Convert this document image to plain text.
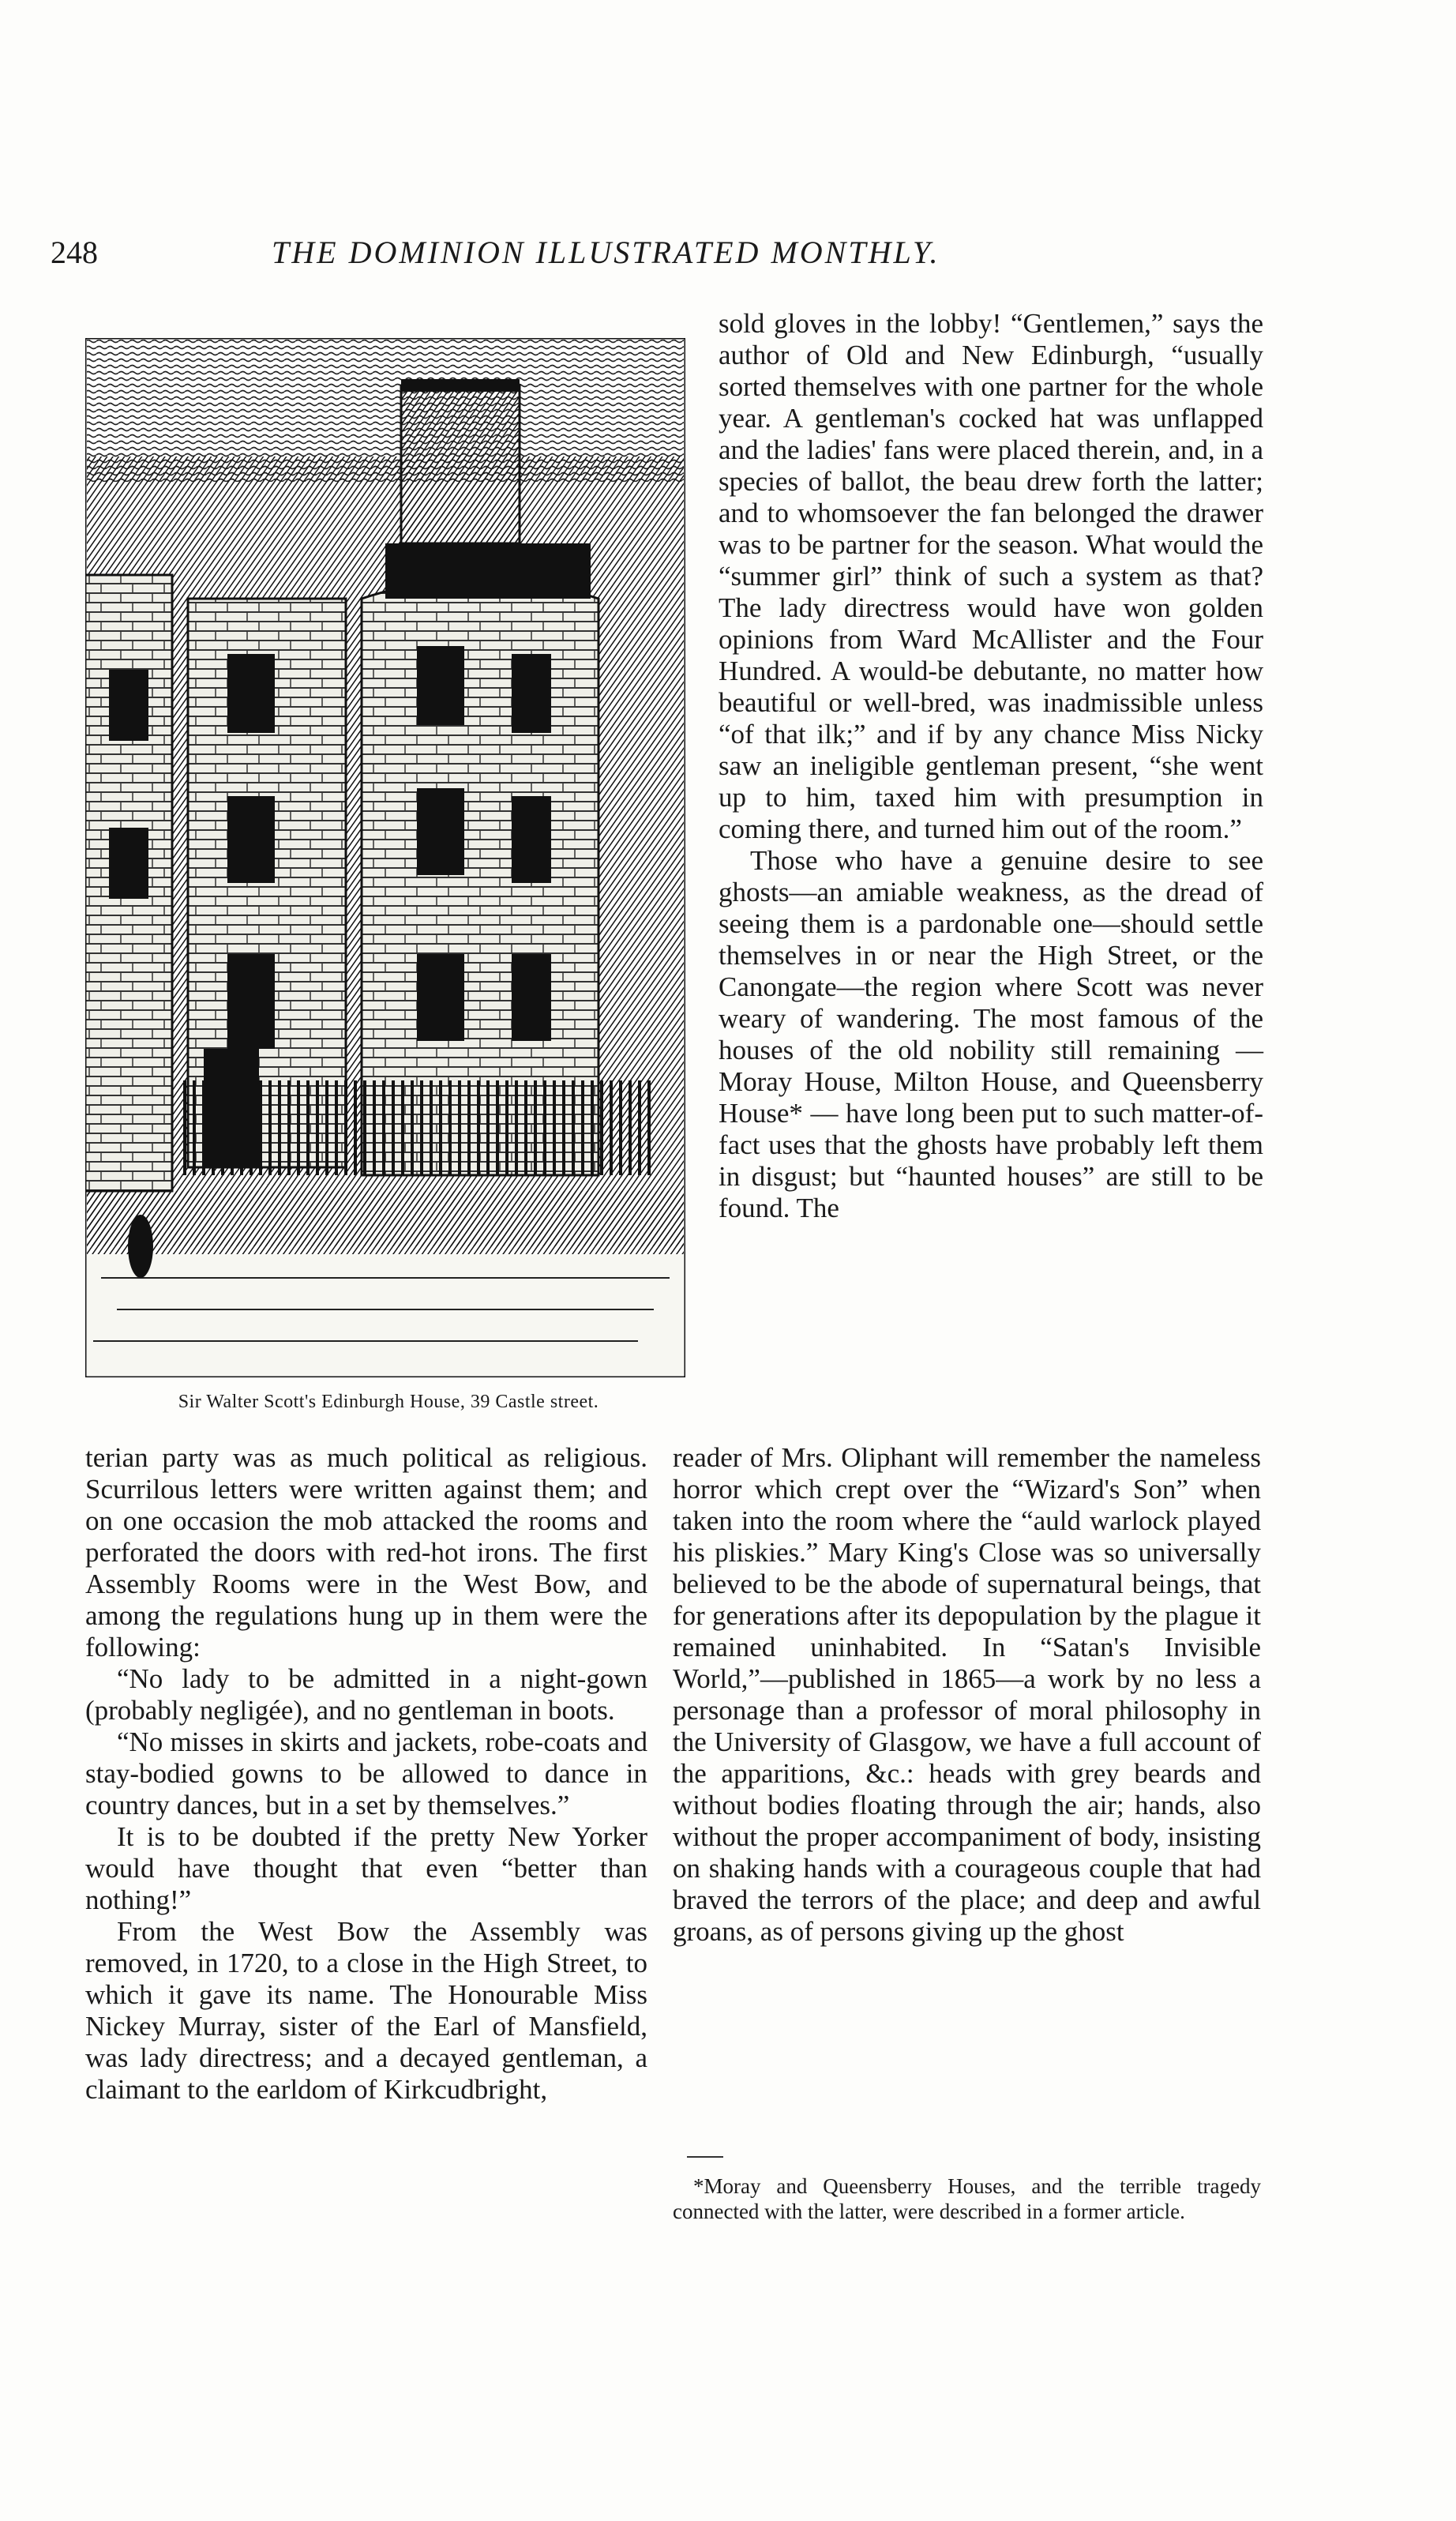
248	THE DOMINION ILLUSTRATED MONTHLY.
Sir Walter Scott's Edinburgh House, 39 Castle street.

sold gloves in the lobby! “Gentlemen,” says the author of Old and New Edinburgh, “usually sorted themselves with one partner for the whole year. A gentleman's cocked hat was unflapped and the ladies' fans were placed therein, and, in a species of ballot, the beau drew forth the latter; and to whomsoever the fan belonged the drawer was to be partner for the season. What would the “summer girl” think of such a system as that? The lady directress would have won golden opinions from Ward McAllister and the Four Hundred. A would-be debutante, no matter how beautiful or well-bred, was inadmissible unless “of that ilk;” and if by any chance Miss Nicky saw an ineligible gentleman present, “she went up to him, taxed him with presumption in coming there, and turned him out of the room.”

Those who have a genuine desire to see ghosts—an amiable weakness, as the dread of seeing them is a pardonable one—should settle themselves in or near the High Street, or the Canongate—the region where Scott was never weary of wandering. The most famous of the houses of the old nobility still remaining — Moray House, Milton House, and Queensberry House* — have long been put to such matter-of-fact uses that the ghosts have probably left them in disgust; but “haunted houses” are still to be found. The

terian party was as much political as religious. Scurrilous letters were written against them; and on one occasion the mob attacked the rooms and perforated the doors with red-hot irons. The first Assembly Rooms were in the West Bow, and among the regulations hung up in them were the following:

“No lady to be admitted in a night-gown (probably negligée), and no gentleman in boots.

“No misses in skirts and jackets, robe-coats and stay-bodied gowns to be allowed to dance in country dances, but in a set by themselves.”

It is to be doubted if the pretty New Yorker would have thought that even “better than nothing!”

From the West Bow the Assembly was removed, in 1720, to a close in the High Street, to which it gave its name. The Honourable Miss Nickey Murray, sister of the Earl of Mansfield, was lady directress; and a decayed gentleman, a claimant to the earldom of Kirkcudbright,

reader of Mrs. Oliphant will remember the nameless horror which crept over the “Wizard's Son” when taken into the room where the “auld warlock played his pliskies.” Mary King's Close was so universally believed to be the abode of supernatural beings, that for generations after its depopulation by the plague it remained uninhabited. In “Satan's Invisible World,”—published in 1865—a work by no less a personage than a professor of moral philosophy in the University of Glasgow, we have a full account of the apparitions, &c.: heads with grey beards and without bodies floating through the air; hands, also without the proper accompaniment of body, insisting on shaking hands with a courageous couple that had braved the terrors of the place; and deep and awful groans, as of persons giving up the ghost

*Moray and Queensberry Houses, and the terrible tragedy connected with the latter, were described in a former article.
